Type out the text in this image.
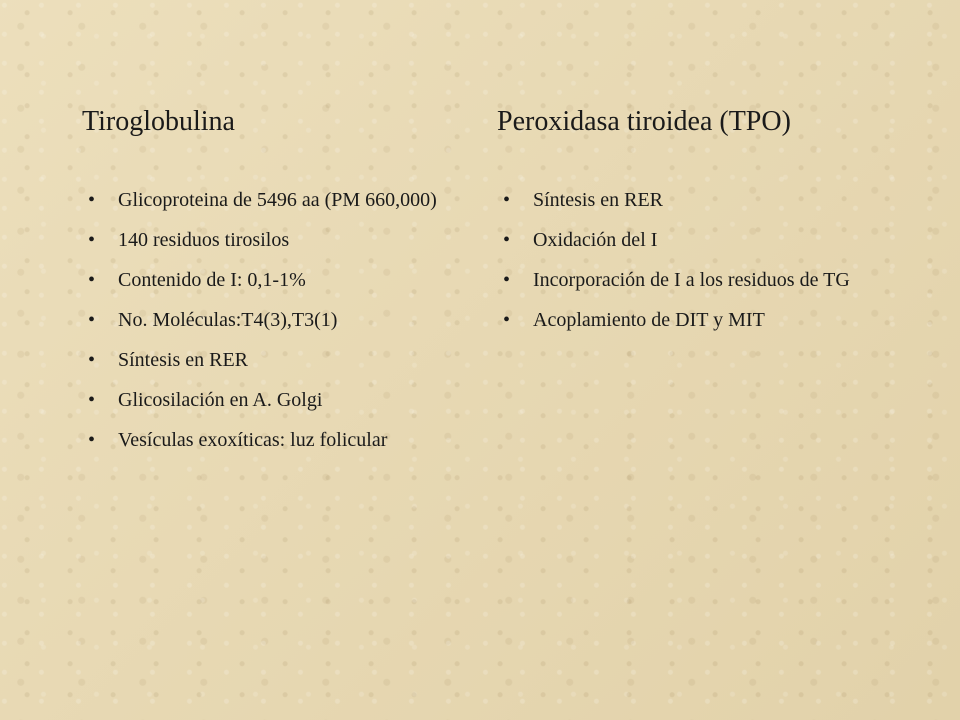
Tiroglobulina
• Glicoproteina de 5496 aa (PM 660,000)
• 140 residuos tirosilos
• Contenido de I: 0,1-1%
• No. Moléculas:T4(3),T3(1)
• Síntesis en RER
• Glicosilación en A. Golgi
• Vesículas exoxíticas: luz folicular
Peroxidasa tiroidea (TPO)
• Síntesis en RER
• Oxidación del I
• Incorporación de I a los residuos de TG
• Acoplamiento de DIT y MIT
